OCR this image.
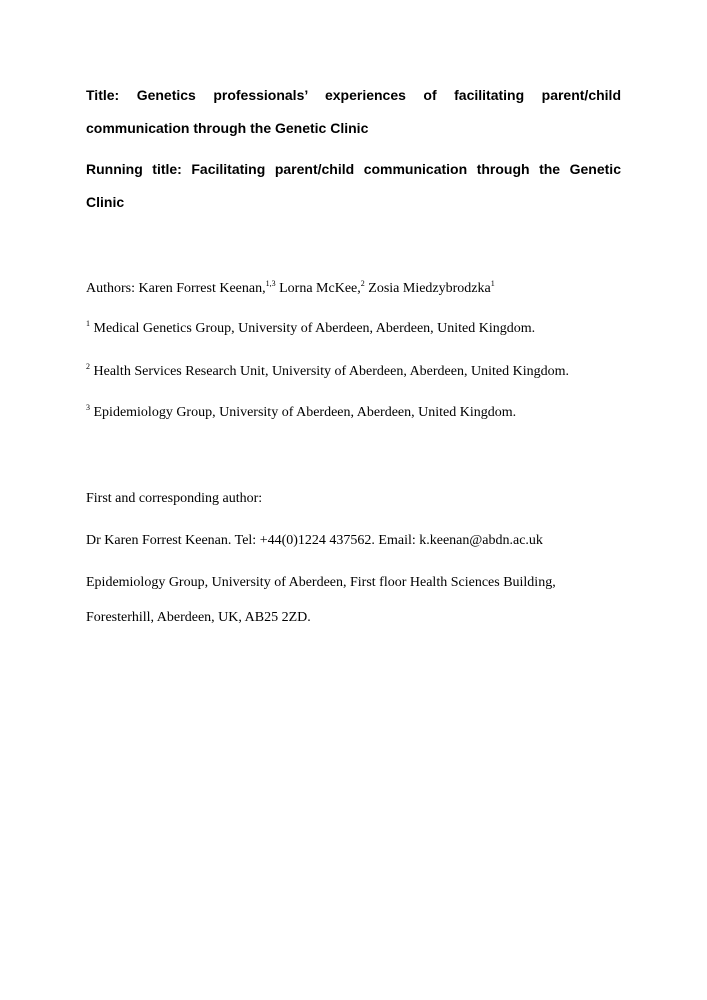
Title: Genetics professionals’ experiences of facilitating parent/child
communication through the Genetic Clinic
Running title: Facilitating parent/child communication through the Genetic
Clinic
Authors: Karen Forrest Keenan,$^{1,3}$ Lorna McKee,$^2$ Zosia Miedzybrodzka$^1$
$^1$ Medical Genetics Group, University of Aberdeen, Aberdeen, United Kingdom.
$^2$ Health Services Research Unit, University of Aberdeen, Aberdeen, United Kingdom.
$^3$ Epidemiology Group, University of Aberdeen, Aberdeen, United Kingdom.
First and corresponding author:
Dr Karen Forrest Keenan. Tel: +44(0)1224 437562. Email: k.keenan@abdn.ac.uk
Epidemiology Group, University of Aberdeen, First floor Health Sciences Building,
Foresterhill, Aberdeen, UK, AB25 2ZD.
